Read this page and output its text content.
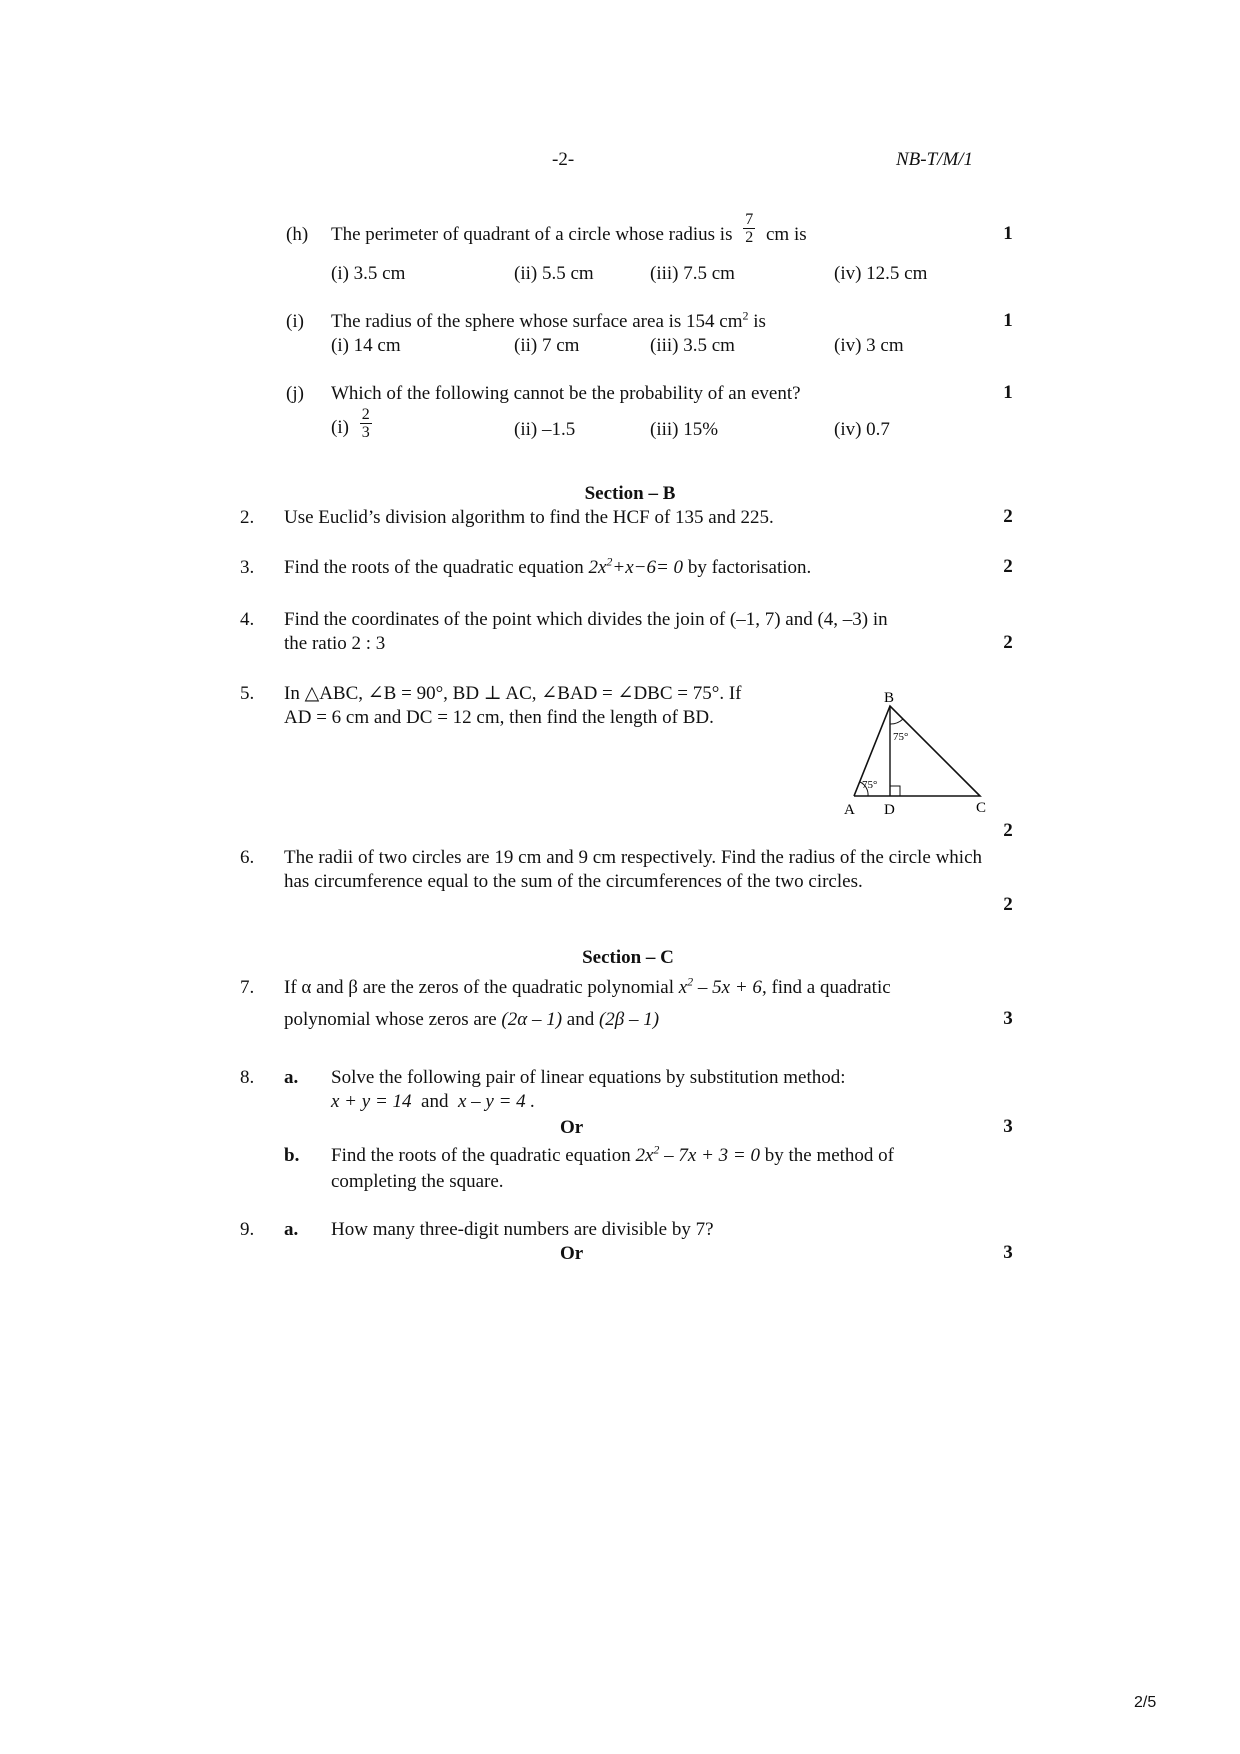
-2-	NB-T/M/1
(h) The perimeter of quadrant of a circle whose radius is $\frac{7}{2}$ cm is	1
(i) 3.5 cm	(ii) 5.5 cm	(iii) 7.5 cm	(iv) 12.5 cm
(i) The radius of the sphere whose surface area is 154 $cm^2$ is	1
(i) 14 cm	(ii) 7 cm	(iii) 3.5 cm	(iv) 3 cm
(j) Which of the following cannot be the probability of an event?	1
$(i) \frac{2}{3}$	(ii) –1.5	(iii) 15%	(iv) 0.7
Section – B
2. Use Euclid’s division algorithm to find the HCF of 135 and 225.	2
3. Find the roots of the quadratic equation $2x^2+x-6= 0$ by factorisation.	2
4. Find the coordinates of the point which divides the join of (–1, 7) and (4, –3) in
the ratio 2 : 3	2
5. In △ABC, ∠B = 90°, BD ⊥ AC, ∠BAD = ∠DBC = 75°. If
AD = 6 cm and DC = 12 cm, then find the length of BD.
B
A D	C
75°
75°
2
6. The radii of two circles are 19 cm and 9 cm respectively. Find the radius of the circle which has circumference equal to the sum of the circumferences of the two circles.
2
Section – C
7. If α and β are the zeros of the quadratic polynomial $x^2 - 5x + 6$, find a quadratic
polynomial whose zeros are (2α – 1) and (2β – 1)	3
8. a. Solve the following pair of linear equations by substitution method:
x + y = 14 and x – y = 4 .
Or	3
b. Find the roots of the quadratic equation $2x^2 - 7x + 3 = 0$ by the method of
completing the square.
9. a. How many three-digit numbers are divisible by 7?
Or	3
2/5
